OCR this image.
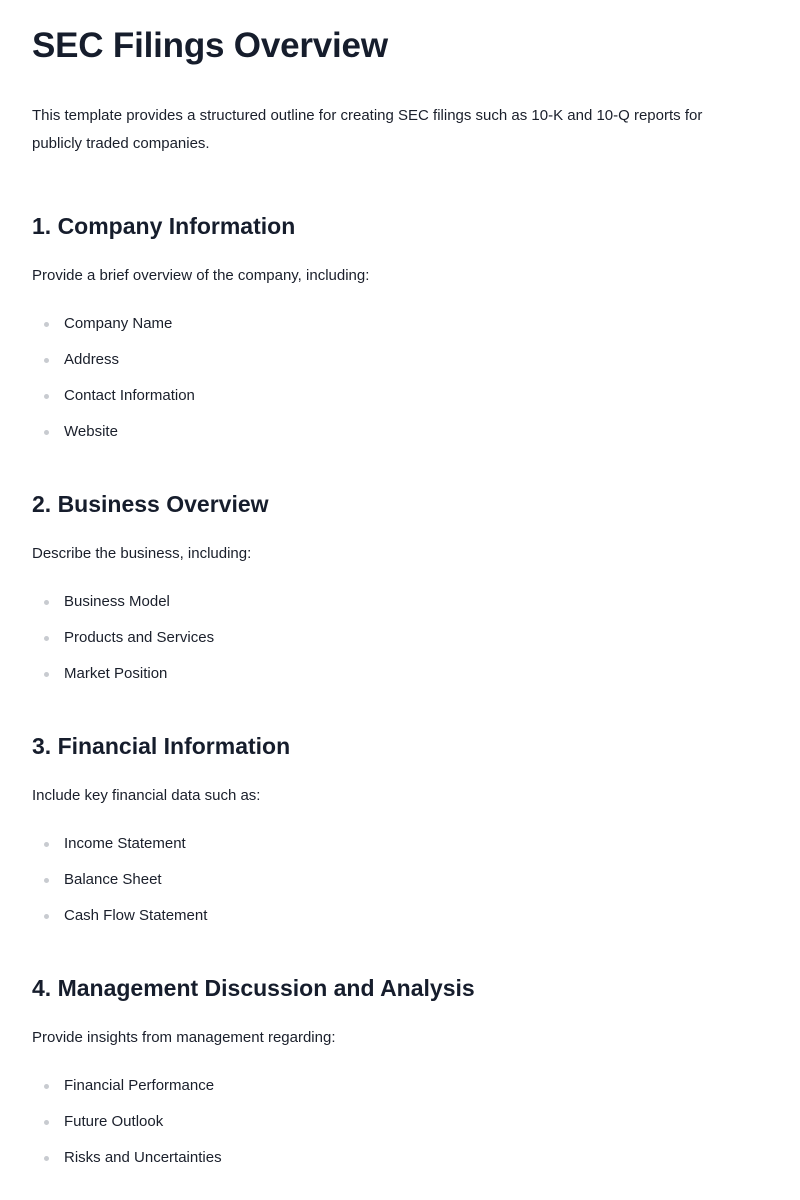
SEC Filings Overview

This template provides a structured outline for creating SEC filings such as 10-K and 10-Q reports for publicly traded companies.

1. Company Information

Provide a brief overview of the company, including:

Company Name
Address
Contact Information
Website
2. Business Overview

Describe the business, including:

Business Model
Products and Services
Market Position
3. Financial Information

Include key financial data such as:

Income Statement
Balance Sheet
Cash Flow Statement
4. Management Discussion and Analysis

Provide insights from management regarding:

Financial Performance
Future Outlook
Risks and Uncertainties
